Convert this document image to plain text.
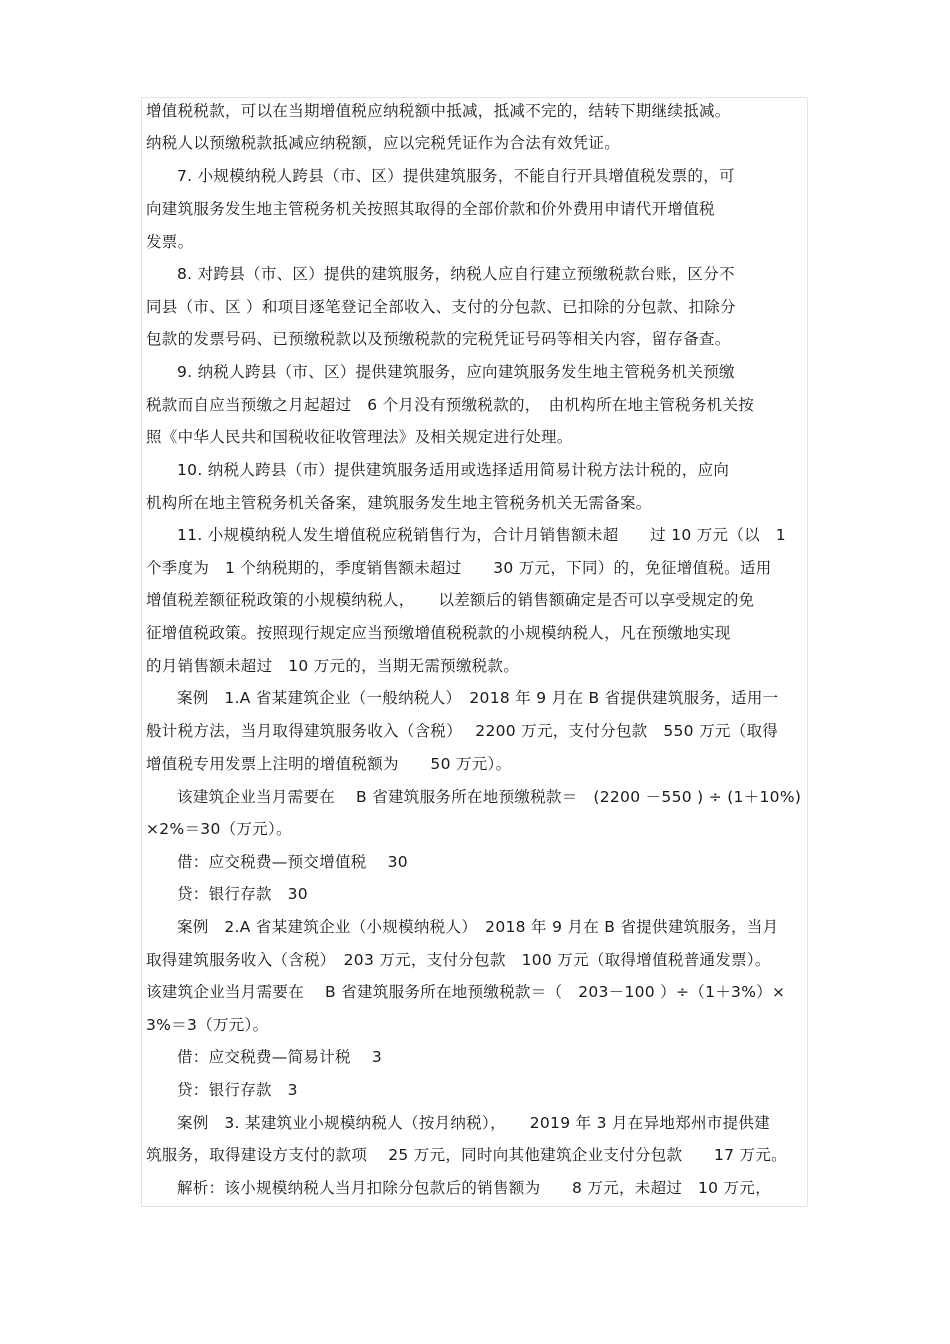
增值税税款，可以在当期增值税应纳税额中抵减，抵减不完的，结转下期继续抵减。
纳税人以预缴税款抵减应纳税额，应以完税凭证作为合法有效凭证。
7. 小规模纳税人跨县（市、区）提供建筑服务，不能自行开具增值税发票的，可
向建筑服务发生地主管税务机关按照其取得的全部价款和价外费用申请代开增值税
发票。
8. 对跨县（市、区）提供的建筑服务，纳税人应自行建立预缴税款台账，区分不
同县（市、区 ）和项目逐笔登记全部收入、支付的分包款、已扣除的分包款、扣除分
包款的发票号码、已预缴税款以及预缴税款的完税凭证号码等相关内容，留存备查。
9. 纳税人跨县（市、区）提供建筑服务，应向建筑服务发生地主管税务机关预缴
税款而自应当预缴之月起超过　6 个月没有预缴税款的，　由机构所在地主管税务机关按
照《中华人民共和国税收征收管理法》及相关规定进行处理。
10. 纳税人跨县（市）提供建筑服务适用或选择适用简易计税方法计税的，应向
机构所在地主管税务机关备案，建筑服务发生地主管税务机关无需备案。
11. 小规模纳税人发生增值税应税销售行为，合计月销售额未超　　过 10 万元（以　1
个季度为　1 个纳税期的，季度销售额未超过　　30 万元，下同）的，免征增值税。适用
增值税差额征税政策的小规模纳税人，　　以差额后的销售额确定是否可以享受规定的免
征增值税政策。按照现行规定应当预缴增值税税款的小规模纳税人，凡在预缴地实现
的月销售额未超过　10 万元的，当期无需预缴税款。
案例　1.A 省某建筑企业（一般纳税人）　2018 年 9 月在 B 省提供建筑服务，适用一
般计税方法，当月取得建筑服务收入（含税）　 2200 万元，支付分包款　550 万元（取得
增值税专用发票上注明的增值税额为　　50 万元）。
该建筑企业当月需要在　 B 省建筑服务所在地预缴税款＝　(2200 －550 ) ÷ (1＋10%)
×2%＝30（万元）。
借：应交税费—预交增值税　 30
贷：银行存款　30
案例　2.A 省某建筑企业（小规模纳税人）　2018 年 9 月在 B 省提供建筑服务，当月
取得建筑服务收入（含税）　203 万元，支付分包款　100 万元（取得增值税普通发票）。
该建筑企业当月需要在　 B 省建筑服务所在地预缴税款＝（　203－100 ）÷（1＋3%）×
3%＝3（万元）。
借：应交税费—简易计税　 3
贷：银行存款　3
案例　3. 某建筑业小规模纳税人（按月纳税），　　2019 年 3 月在异地郑州市提供建
筑服务，取得建设方支付的款项　 25 万元，同时向其他建筑企业支付分包款　　17 万元。
解析：该小规模纳税人当月扣除分包款后的销售额为　　8 万元，未超过　10 万元，
